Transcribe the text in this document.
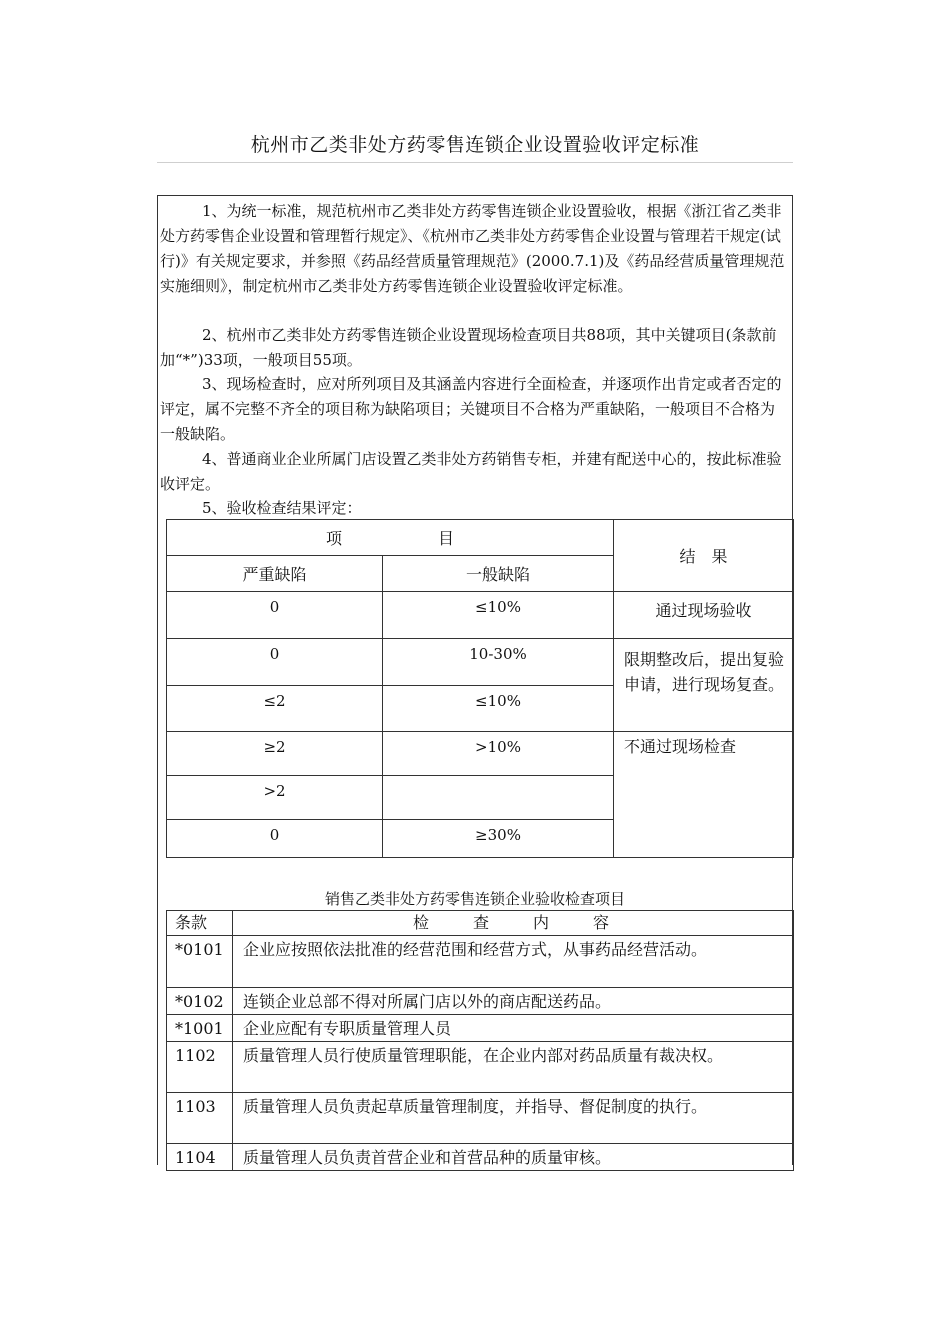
杭州市乙类非处方药零售连锁企业设置验收评定标准

1、为统一标准，规范杭州市乙类非处方药零售连锁企业设置验收，根据《浙江省乙类非处方药零售企业设置和管理暂行规定》、《杭州市乙类非处方药零售企业设置与管理若干规定(试行)》有关规定要求，并参照《药品经营质量管理规范》(2000.7.1)及《药品经营质量管理规范实施细则》，制定杭州市乙类非处方药零售连锁企业设置验收评定标准。

2、杭州市乙类非处方药零售连锁企业设置现场检查项目共88项，其中关键项目(条款前加“*”)33项，一般项目55项。

3、现场检查时，应对所列项目及其涵盖内容进行全面检查，并逐项作出肯定或者否定的评定，属不完整不齐全的项目称为缺陷项目；关键项目不合格为严重缺陷，一般项目不合格为一般缺陷。

4、普通商业企业所属门店设置乙类非处方药销售专柜，并建有配送中心的，按此标准验收评定。

5、验收检查结果评定：

项　　　　　　目		结　果
严重缺陷	一般缺陷	
0	≤10%	通过现场验收
0	10-30%	限期整改后，提出复验申请，进行现场复查。
≤2	≤10%	
≥2	>10%	不通过现场检查
>2		
0	≥30%	
销售乙类非处方药零售连锁企业验收检查项目
条款	检查内容
*0101	企业应按照依法批准的经营范围和经营方式，从事药品经营活动。
*0102	连锁企业总部不得对所属门店以外的商店配送药品。
*1001	企业应配有专职质量管理人员
1102	质量管理人员行使质量管理职能，在企业内部对药品质量有裁决权。
1103	质量管理人员负责起草质量管理制度，并指导、督促制度的执行。
1104	质量管理人员负责首营企业和首营品种的质量审核。
